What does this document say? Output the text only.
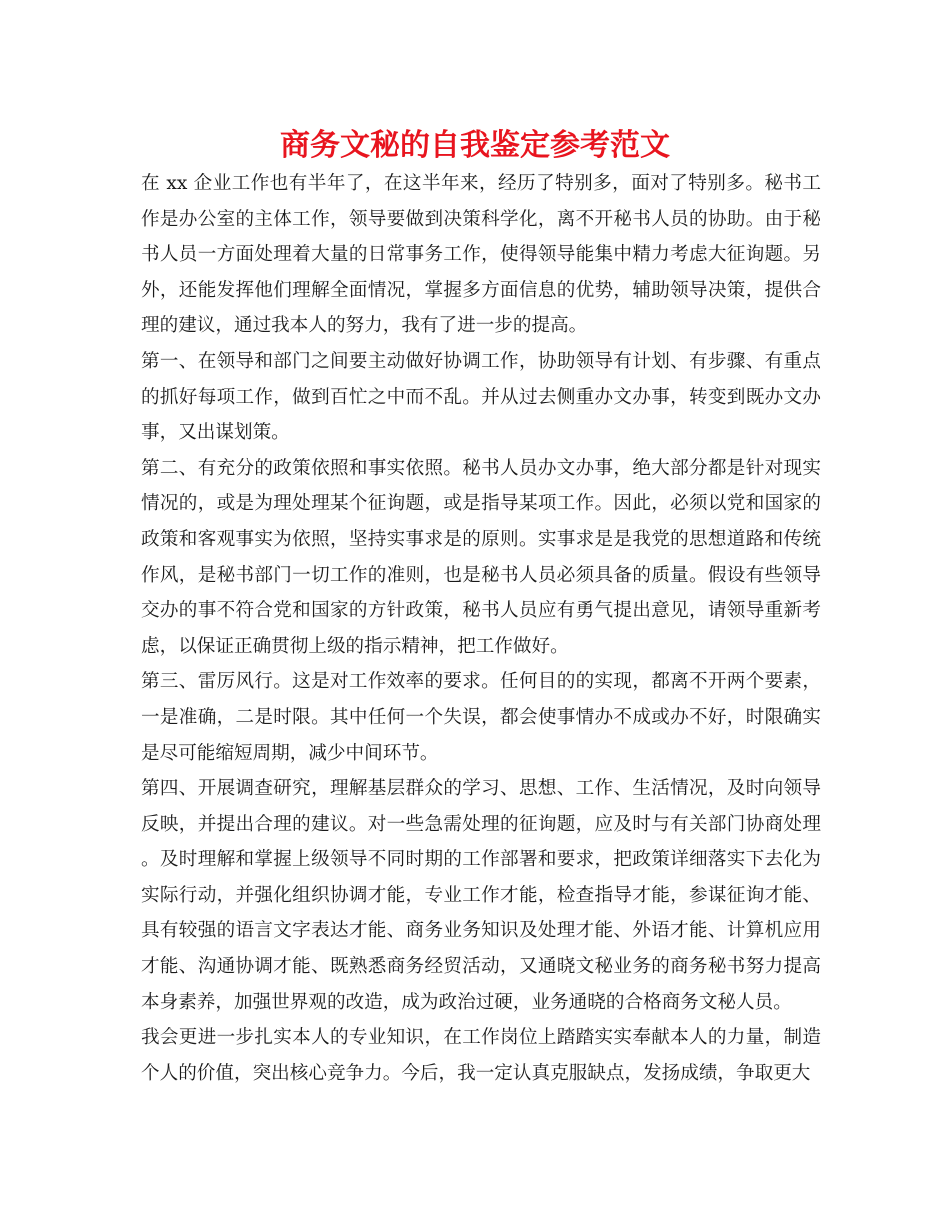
商务文秘的自我鉴定参考范文

在 xx 企业工作也有半年了，在这半年来，经历了特别多，面对了特别多。秘书工作是办公室的主体工作，领导要做到决策科学化，离不开秘书人员的协助。由于秘书人员一方面处理着大量的日常事务工作，使得领导能集中精力考虑大征询题。另外，还能发挥他们理解全面情况，掌握多方面信息的优势，辅助领导决策，提供合理的建议，通过我本人的努力，我有了进一步的提高。

第一、在领导和部门之间要主动做好协调工作，协助领导有计划、有步骤、有重点的抓好每项工作，做到百忙之中而不乱。并从过去侧重办文办事，转变到既办文办事，又出谋划策。

第二、有充分的政策依照和事实依照。秘书人员办文办事，绝大部分都是针对现实情况的，或是为理处理某个征询题，或是指导某项工作。因此，必须以党和国家的政策和客观事实为依照，坚持实事求是的原则。实事求是是我党的思想道路和传统作风，是秘书部门一切工作的准则，也是秘书人员必须具备的质量。假设有些领导交办的事不符合党和国家的方针政策，秘书人员应有勇气提出意见，请领导重新考虑，以保证正确贯彻上级的指示精神，把工作做好。

第三、雷厉风行。这是对工作效率的要求。任何目的的实现，都离不开两个要素，一是准确，二是时限。其中任何一个失误，都会使事情办不成或办不好，时限确实是尽可能缩短周期，减少中间环节。

第四、开展调查研究，理解基层群众的学习、思想、工作、生活情况，及时向领导反映，并提出合理的建议。对一些急需处理的征询题，应及时与有关部门协商处理。及时理解和掌握上级领导不同时期的工作部署和要求，把政策详细落实下去化为实际行动，并强化组织协调才能，专业工作才能，检查指导才能，参谋征询才能、具有较强的语言文字表达才能、商务业务知识及处理才能、外语才能、计算机应用才能、沟通协调才能、既熟悉商务经贸活动，又通晓文秘业务的商务秘书努力提高本身素养，加强世界观的改造，成为政治过硬，业务通晓的合格商务文秘人员。

我会更进一步扎实本人的专业知识，在工作岗位上踏踏实实奉献本人的力量，制造个人的价值，突出核心竞争力。今后，我一定认真克服缺点，发扬成绩，争取更大
